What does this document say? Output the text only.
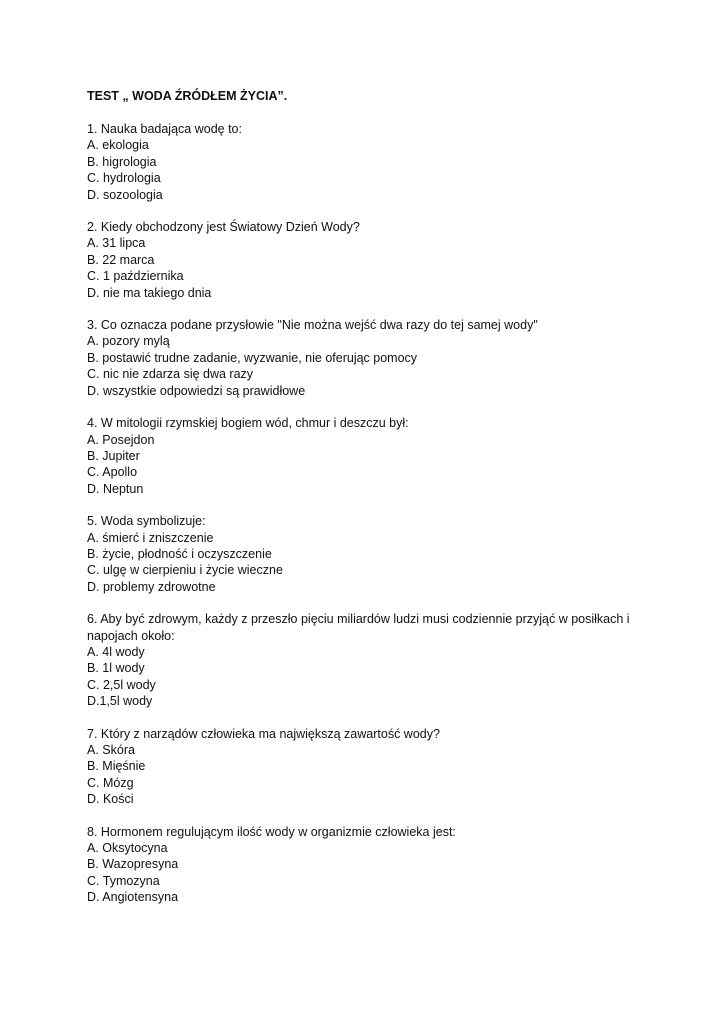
TEST „ WODA ŹRÓDŁEM ŻYCIA”.
1. Nauka badająca wodę to:
A. ekologia
B. higrologia
C. hydrologia
D. sozoologia
2. Kiedy obchodzony jest Światowy Dzień Wody?
A. 31 lipca
B. 22 marca
C. 1 października
D. nie ma takiego dnia
3. Co oznacza podane przysłowie "Nie można wejść dwa razy do tej samej wody"
A. pozory mylą
B. postawić trudne zadanie, wyzwanie, nie oferując pomocy
C. nic nie zdarza się dwa razy
D. wszystkie odpowiedzi są prawidłowe
4. W mitologii rzymskiej bogiem wód, chmur i deszczu był:
A. Posejdon
B. Jupiter
C. Apollo
D. Neptun
5. Woda symbolizuje:
A. śmierć i zniszczenie
B. życie, płodność i oczyszczenie
C. ulgę w cierpieniu i życie wieczne
D. problemy zdrowotne
6. Aby być zdrowym, każdy z przeszło pięciu miliardów ludzi musi codziennie przyjąć w posiłkach i napojach około:
A. 4l wody
B. 1l wody
C. 2,5l wody
D.1,5l wody
7. Który z narządów człowieka ma największą zawartość wody?
A. Skóra
B. Mięśnie
C. Mózg
D. Kości
8. Hormonem regulującym ilość wody w organizmie człowieka jest:
A. Oksytocyna
B. Wazopresyna
C. Tymozyna
D. Angiotensyna
